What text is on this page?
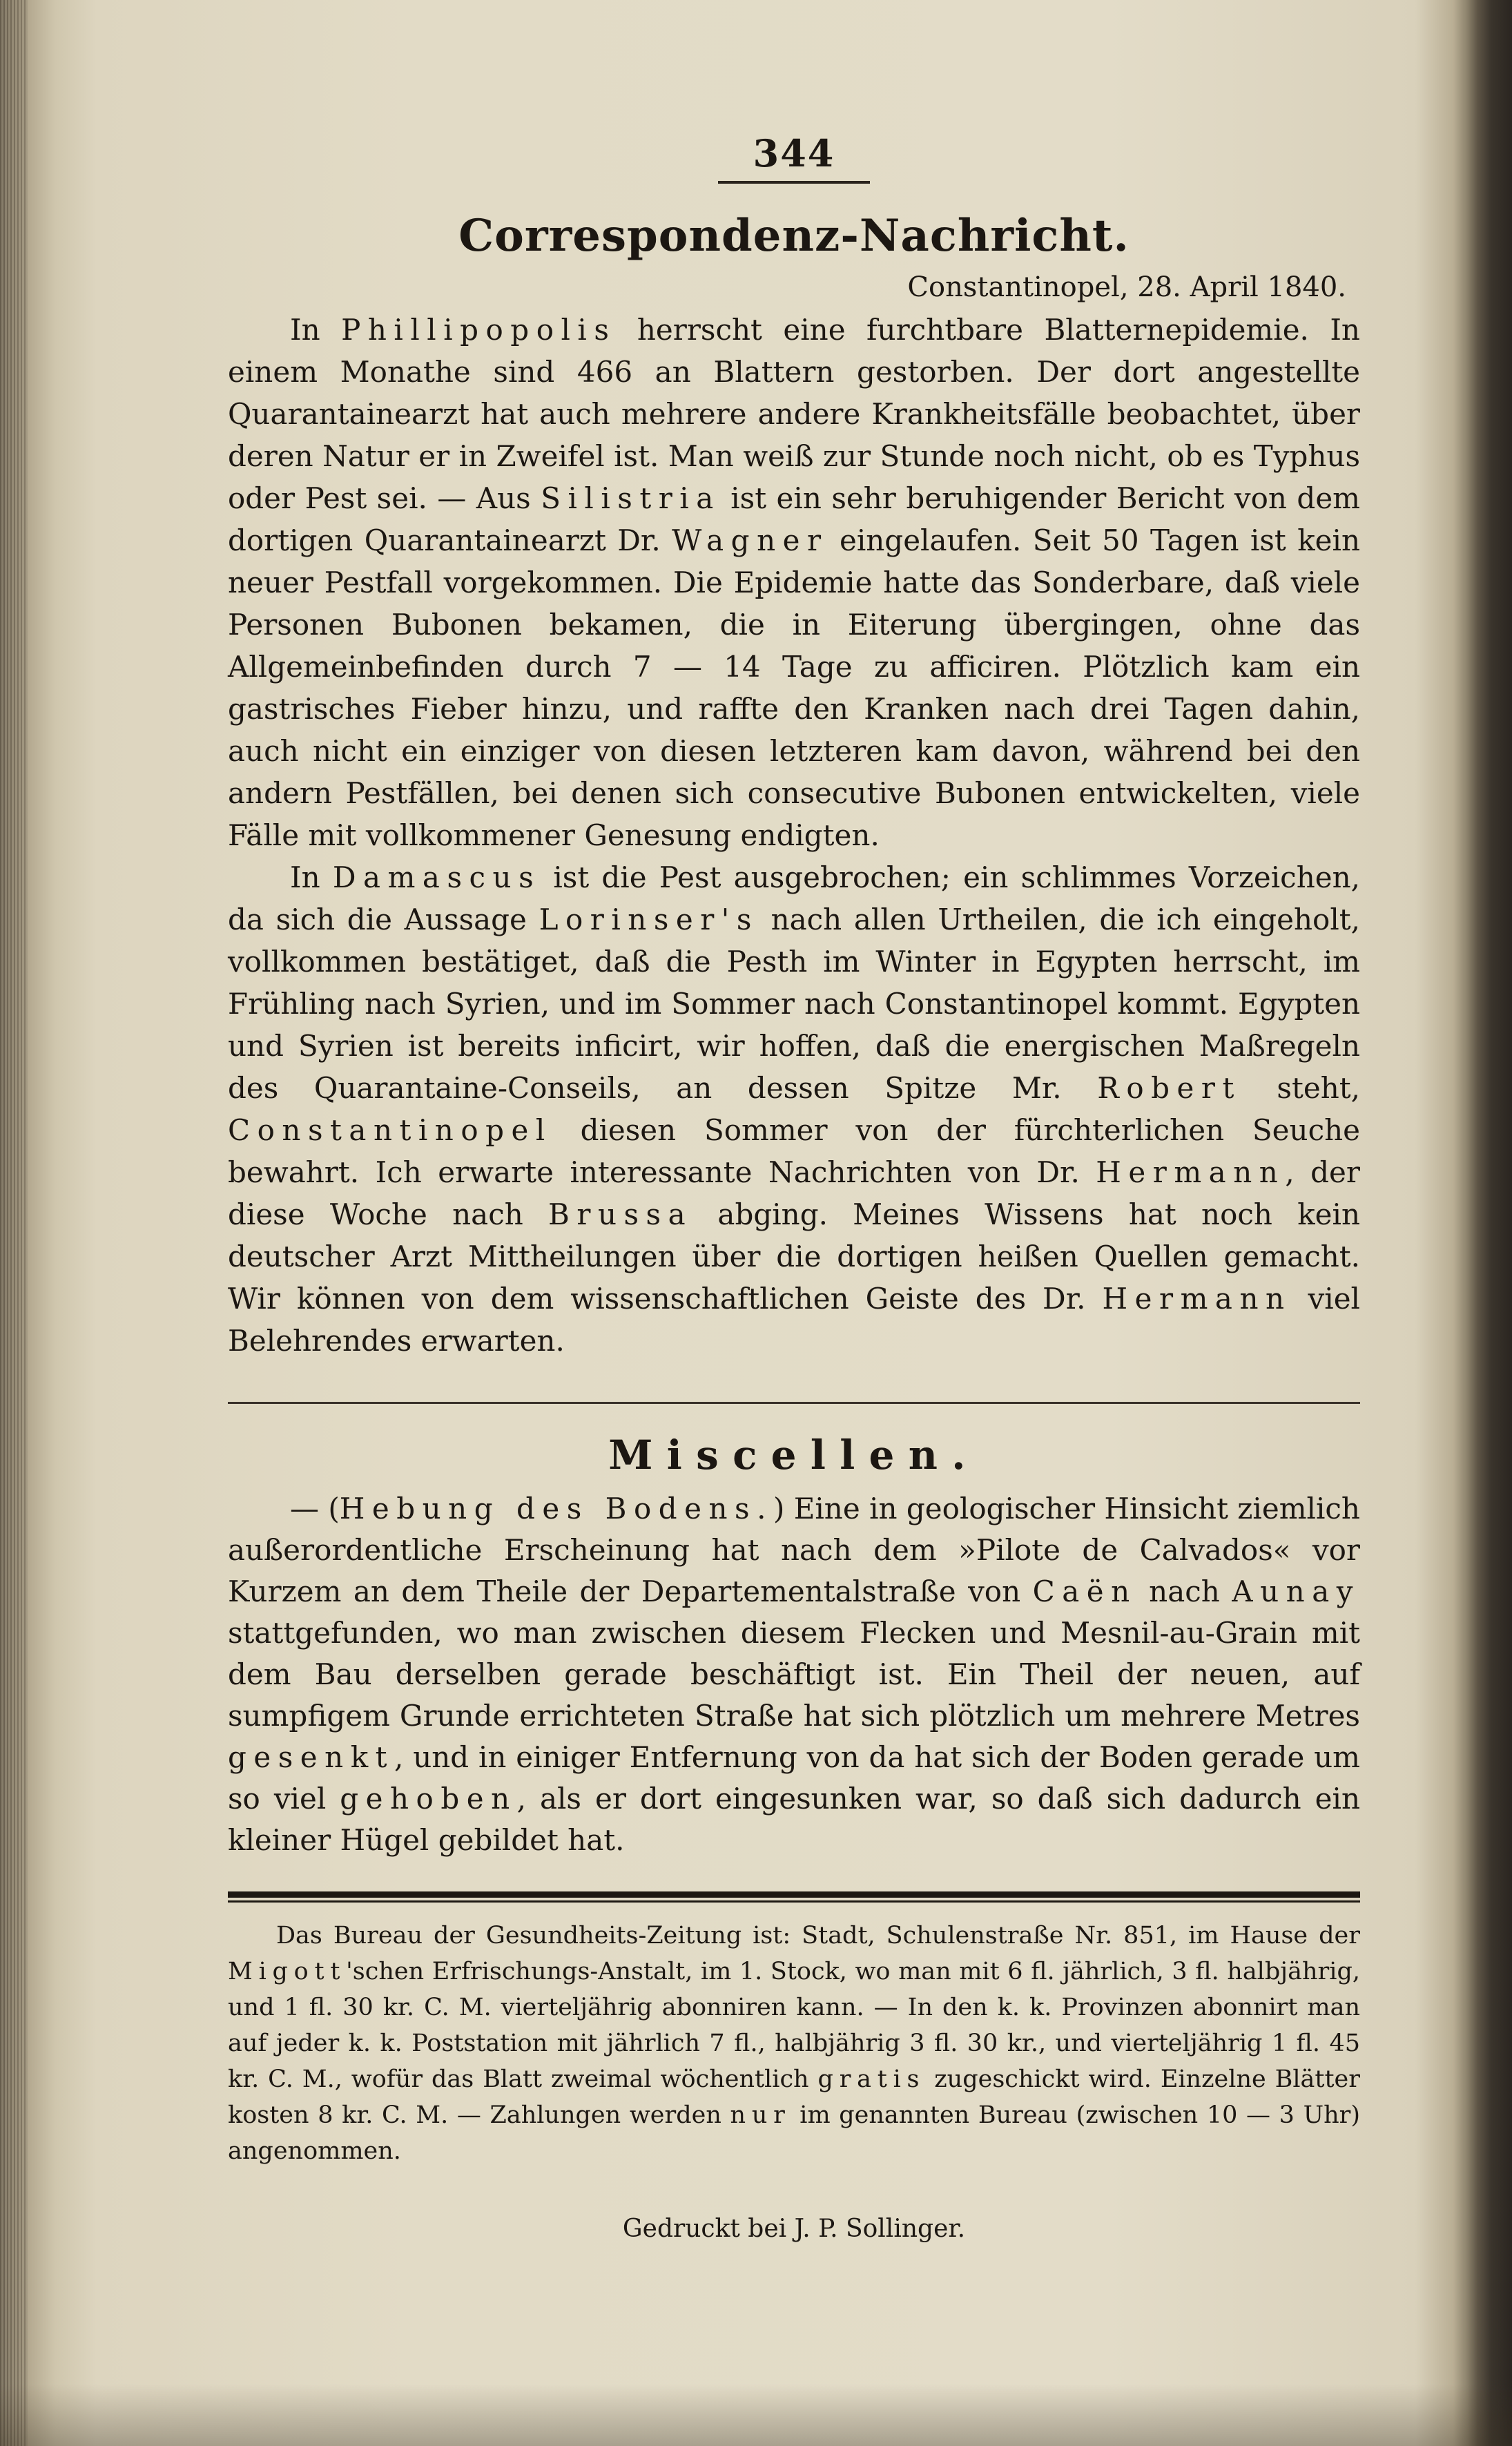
344
Correspondenz-Nachricht.
Constantinopel, 28. April 1840.

In Phillipopolis herrscht eine furchtbare Blatternepidemie. In einem Monathe sind 466 an Blattern gestorben. Der dort angestellte Quarantainearzt hat auch mehrere andere Krankheitsfälle beobachtet, über deren Natur er in Zweifel ist. Man weiß zur Stunde noch nicht, ob es Typhus oder Pest sei. — Aus Silistria ist ein sehr beruhigender Bericht von dem dortigen Quarantainearzt Dr. Wagner eingelaufen. Seit 50 Tagen ist kein neuer Pestfall vorgekommen. Die Epidemie hatte das Sonderbare, daß viele Personen Bubonen bekamen, die in Eiterung übergingen, ohne das Allgemeinbefinden durch 7 — 14 Tage zu afficiren. Plötzlich kam ein gastrisches Fieber hinzu, und raffte den Kranken nach drei Tagen dahin, auch nicht ein einziger von diesen letzteren kam davon, während bei den andern Pestfällen, bei denen sich consecutive Bubonen entwickelten, viele Fälle mit vollkommener Genesung endigten.

In Damascus ist die Pest ausgebrochen; ein schlimmes Vorzeichen, da sich die Aussage Lorinser's nach allen Urtheilen, die ich eingeholt, vollkommen bestätiget, daß die Pesth im Winter in Egypten herrscht, im Frühling nach Syrien, und im Sommer nach Constantinopel kommt. Egypten und Syrien ist bereits inficirt, wir hoffen, daß die energischen Maßregeln des Quarantaine-Conseils, an dessen Spitze Mr. Robert steht, Constantinopel diesen Sommer von der fürchterlichen Seuche bewahrt. Ich erwarte interessante Nachrichten von Dr. Hermann, der diese Woche nach Brussa abging. Meines Wissens hat noch kein deutscher Arzt Mittheilungen über die dortigen heißen Quellen gemacht. Wir können von dem wissenschaftlichen Geiste des Dr. Hermann viel Belehrendes erwarten.

Miscellen.

— (Hebung des Bodens.) Eine in geologischer Hinsicht ziemlich außerordentliche Erscheinung hat nach dem »Pilote de Calvados« vor Kurzem an dem Theile der Departementalstraße von Caën nach Aunay stattgefunden, wo man zwischen diesem Flecken und Mesnil-au-Grain mit dem Bau derselben gerade beschäftigt ist. Ein Theil der neuen, auf sumpfigem Grunde errichteten Straße hat sich plötzlich um mehrere Metres gesenkt, und in einiger Entfernung von da hat sich der Boden gerade um so viel gehoben, als er dort eingesunken war, so daß sich dadurch ein kleiner Hügel gebildet hat.

Das Bureau der Gesundheits-Zeitung ist: Stadt, Schulenstraße Nr. 851, im Hause der Migott'schen Erfrischungs-Anstalt, im 1. Stock, wo man mit 6 fl. jährlich, 3 fl. halbjährig, und 1 fl. 30 kr. C. M. vierteljährig abonniren kann. — In den k. k. Provinzen abonnirt man auf jeder k. k. Poststation mit jährlich 7 fl., halbjährig 3 fl. 30 kr., und vierteljährig 1 fl. 45 kr. C. M., wofür das Blatt zweimal wöchentlich gratis zugeschickt wird. Einzelne Blätter kosten 8 kr. C. M. — Zahlungen werden nur im genannten Bureau (zwischen 10 — 3 Uhr) angenommen.

Gedruckt bei J. P. Sollinger.
